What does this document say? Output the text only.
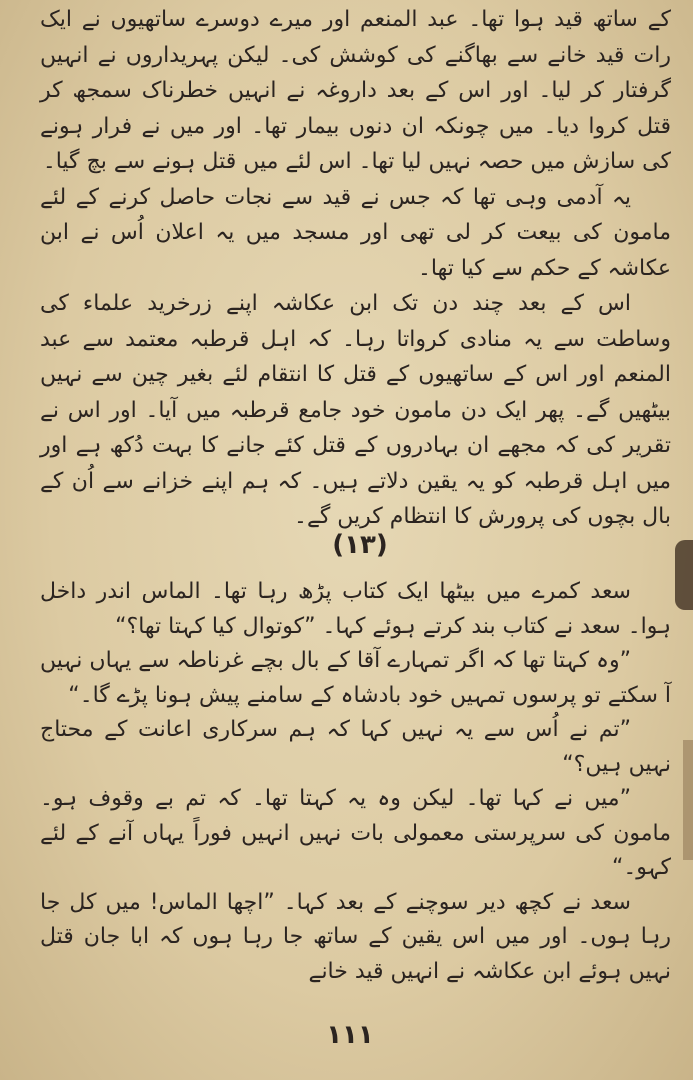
کے ساتھ قید ہوا تھا۔ عبد المنعم اور میرے دوسرے ساتھیوں نے ایک رات قید خانے سے بھاگنے کی کوشش کی۔ لیکن پہریداروں نے انہیں گرفتار کر لیا۔ اور اس کے بعد داروغہ نے انہیں خطرناک سمجھ کر قتل کروا دیا۔ میں چونکہ ان دنوں بیمار تھا۔ اور میں نے فرار ہونے کی سازش میں حصہ نہیں لیا تھا۔ اس لئے میں قتل ہونے سے بچ گیا۔

یہ آدمی وہی تھا کہ جس نے قید سے نجات حاصل کرنے کے لئے مامون کی بیعت کر لی تھی اور مسجد میں یہ اعلان اُس نے ابن عکاشہ کے حکم سے کیا تھا۔

اس کے بعد چند دن تک ابن عکاشہ اپنے زرخرید علماء کی وساطت سے یہ منادی کرواتا رہا۔ کہ اہل قرطبہ معتمد سے عبد المنعم اور اس کے ساتھیوں کے قتل کا انتقام لئے بغیر چین سے نہیں بیٹھیں گے۔ پھر ایک دن مامون خود جامع قرطبہ میں آیا۔ اور اس نے تقریر کی کہ مجھے ان بہادروں کے قتل کئے جانے کا بہت دُکھ ہے اور میں اہل قرطبہ کو یہ یقین دلاتے ہیں۔ کہ ہم اپنے خزانے سے اُن کے بال بچوں کی پرورش کا انتظام کریں گے۔

(۱۳)

سعد کمرے میں بیٹھا ایک کتاب پڑھ رہا تھا۔ الماس اندر داخل ہوا۔ سعد نے کتاب بند کرتے ہوئے کہا۔ ”کوتوال کیا کہتا تھا؟“

”وہ کہتا تھا کہ اگر تمہارے آقا کے بال بچے غرناطہ سے یہاں نہیں آ سکتے تو پرسوں تمہیں خود بادشاہ کے سامنے پیش ہونا پڑے گا۔“

”تم نے اُس سے یہ نہیں کہا کہ ہم سرکاری اعانت کے محتاج نہیں ہیں؟“

”میں نے کہا تھا۔ لیکن وہ یہ کہتا تھا۔ کہ تم بے وقوف ہو۔ مامون کی سرپرستی معمولی بات نہیں انہیں فوراً یہاں آنے کے لئے کہو۔“

سعد نے کچھ دیر سوچنے کے بعد کہا۔ ”اچھا الماس! میں کل جا رہا ہوں۔ اور میں اس یقین کے ساتھ جا رہا ہوں کہ ابا جان قتل نہیں ہوئے ابن عکاشہ نے انہیں قید خانے

۱۱۱
